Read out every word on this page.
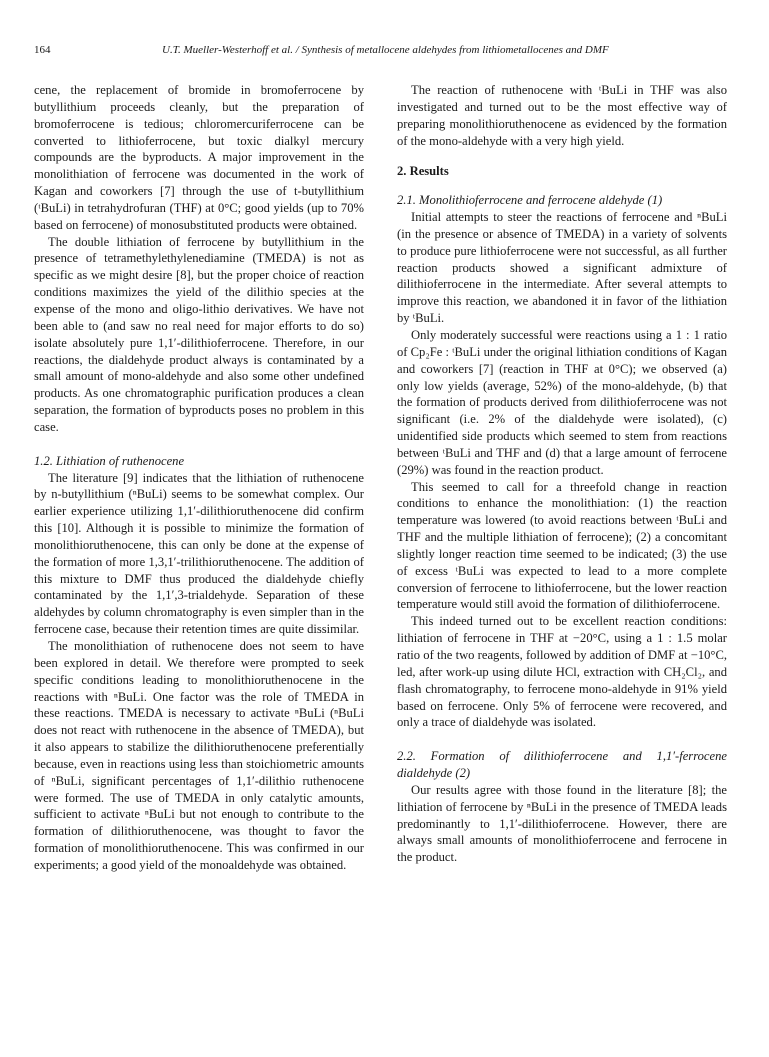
164	U.T. Mueller-Westerhoff et al. / Synthesis of metallocene aldehydes from lithiometallocenes and DMF

cene, the replacement of bromide in bromoferrocene by butyllithium proceeds cleanly, but the preparation of bromoferrocene is tedious; chloromercuriferrocene can be converted to lithioferrocene, but toxic dialkyl mercury compounds are the byproducts. A major improvement in the monolithiation of ferrocene was documented in the work of Kagan and coworkers [7] through the use of t-butyllithium (ᵗBuLi) in tetrahydrofuran (THF) at 0°C; good yields (up to 70% based on ferrocene) of monosubstituted products were obtained.

The double lithiation of ferrocene by butyllithium in the presence of tetramethylethylenediamine (TMEDA) is not as specific as we might desire [8], but the proper choice of reaction conditions maximizes the yield of the dilithio species at the expense of the mono and oligo-lithio derivatives. We have not been able to (and saw no real need for major efforts to do so) isolate absolutely pure 1,1′-dilithioferrocene. Therefore, in our reactions, the dialdehyde product always is contaminated by a small amount of mono-aldehyde and also some other undefined products. As one chromatographic purification produces a clean separation, the formation of byproducts poses no problem in this case.

1.2. Lithiation of ruthenocene

The literature [9] indicates that the lithiation of ruthenocene by n-butyllithium (ⁿBuLi) seems to be somewhat complex. Our earlier experience utilizing 1,1′-dilithioruthenocene did confirm this [10]. Although it is possible to minimize the formation of monolithioruthenocene, this can only be done at the expense of the formation of more 1,3,1′-trilithioruthenocene. The addition of this mixture to DMF thus produced the dialdehyde chiefly contaminated by the 1,1′,3-trialdehyde. Separation of these aldehydes by column chromatography is even simpler than in the ferrocene case, because their retention times are quite dissimilar.

The monolithiation of ruthenocene does not seem to have been explored in detail. We therefore were prompted to seek specific conditions leading to monolithioruthenocene in the reactions with ⁿBuLi. One factor was the role of TMEDA in these reactions. TMEDA is necessary to activate ⁿBuLi (ⁿBuLi does not react with ruthenocene in the absence of TMEDA), but it also appears to stabilize the dilithioruthenocene preferentially because, even in reactions using less than stoichiometric amounts of ⁿBuLi, significant percentages of 1,1′-dilithio ruthenocene were formed. The use of TMEDA in only catalytic amounts, sufficient to activate ⁿBuLi but not enough to contribute to the formation of dilithioruthenocene, was thought to favor the formation of monolithioruthenocene. This was confirmed in our experiments; a good yield of the monoaldehyde was obtained.

The reaction of ruthenocene with ᵗBuLi in THF was also investigated and turned out to be the most effective way of preparing monolithioruthenocene as evidenced by the formation of the mono-aldehyde with a very high yield.

2. Results
2.1. Monolithioferrocene and ferrocene aldehyde (1)

Initial attempts to steer the reactions of ferrocene and ⁿBuLi (in the presence or absence of TMEDA) in a variety of solvents to produce pure lithioferrocene were not successful, as all further reaction products showed a significant admixture of dilithioferrocene in the intermediate. After several attempts to improve this reaction, we abandoned it in favor of the lithiation by ᵗBuLi.

Only moderately successful were reactions using a 1 : 1 ratio of Cp₂Fe : ᵗBuLi under the original lithiation conditions of Kagan and coworkers [7] (reaction in THF at 0°C); we observed (a) only low yields (average, 52%) of the mono-aldehyde, (b) that the formation of products derived from dilithioferrocene was not significant (i.e. 2% of the dialdehyde were isolated), (c) unidentified side products which seemed to stem from reactions between ᵗBuLi and THF and (d) that a large amount of ferrocene (29%) was found in the reaction product.

This seemed to call for a threefold change in reaction conditions to enhance the monolithiation: (1) the reaction temperature was lowered (to avoid reactions between ᵗBuLi and THF and the multiple lithiation of ferrocene); (2) a concomitant slightly longer reaction time seemed to be indicated; (3) the use of excess ᵗBuLi was expected to lead to a more complete conversion of ferrocene to lithioferrocene, but the lower reaction temperature would still avoid the formation of dilithioferrocene.

This indeed turned out to be excellent reaction conditions: lithiation of ferrocene in THF at −20°C, using a 1 : 1.5 molar ratio of the two reagents, followed by addition of DMF at −10°C, led, after work-up using dilute HCl, extraction with CH₂Cl₂, and flash chromatography, to ferrocene mono-aldehyde in 91% yield based on ferrocene. Only 5% of ferrocene were recovered, and only a trace of dialdehyde was isolated.

2.2. Formation of dilithioferrocene and 1,1′-ferrocene dialdehyde (2)

Our results agree with those found in the literature [8]; the lithiation of ferrocene by ⁿBuLi in the presence of TMEDA leads predominantly to 1,1′-dilithioferrocene. However, there are always small amounts of monolithioferrocene and ferrocene in the product.
